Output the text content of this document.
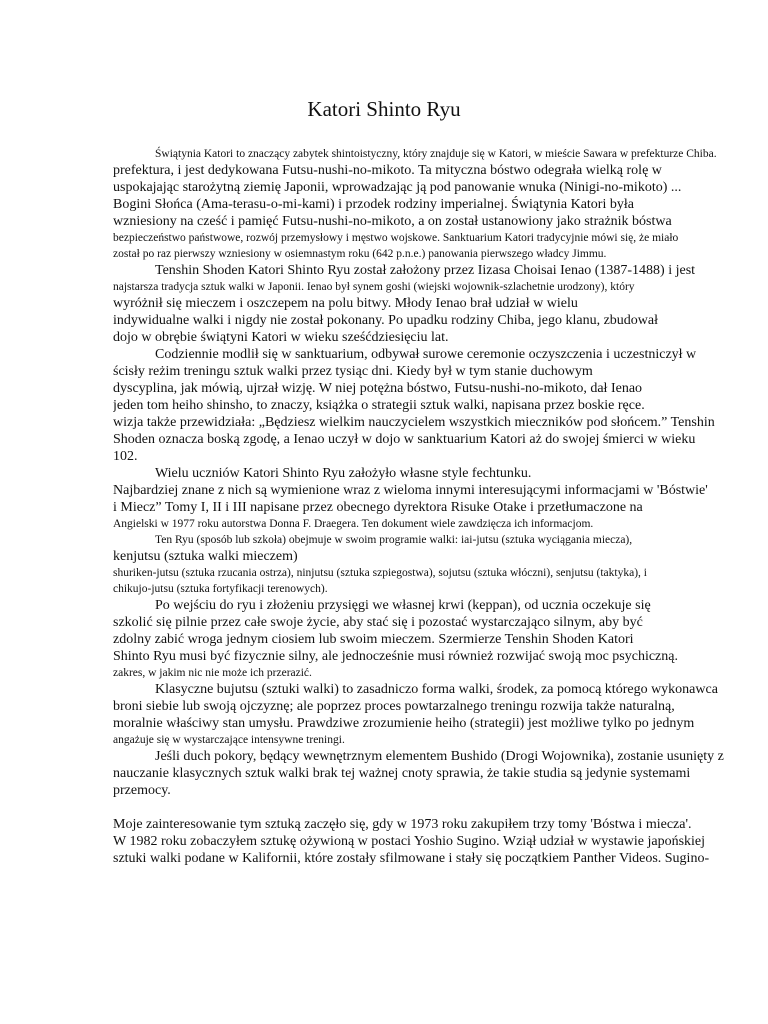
Katori Shinto Ryu
Świątynia Katori to znaczący zabytek shintoistyczny, który znajduje się w Katori, w mieście Sawara w prefekturze Chiba.
prefektura, i jest dedykowana Futsu-nushi-no-mikoto. Ta mityczna bóstwo odegrała wielką rolę w
uspokajając starożytną ziemię Japonii, wprowadzając ją pod panowanie wnuka (Ninigi-no-mikoto) ...
Bogini Słońca (Ama-terasu-o-mi-kami) i przodek rodziny imperialnej. Świątynia Katori była
wzniesiony na cześć i pamięć Futsu-nushi-no-mikoto, a on został ustanowiony jako strażnik bóstwa
bezpieczeństwo państwowe, rozwój przemysłowy i męstwo wojskowe. Sanktuarium Katori tradycyjnie mówi się, że miało
został po raz pierwszy wzniesiony w osiemnastym roku (642 p.n.e.) panowania pierwszego władcy Jimmu.
Tenshin Shoden Katori Shinto Ryu został założony przez Iizasa Choisai Ienao (1387-1488) i jest
najstarsza tradycja sztuk walki w Japonii. Ienao był synem goshi (wiejski wojownik-szlachetnie urodzony), który
wyróżnił się mieczem i oszczepem na polu bitwy. Młody Ienao brał udział w wielu
indywidualne walki i nigdy nie został pokonany. Po upadku rodziny Chiba, jego klanu, zbudował
dojo w obrębie świątyni Katori w wieku sześćdziesięciu lat.
Codziennie modlił się w sanktuarium, odbywał surowe ceremonie oczyszczenia i uczestniczył w
ścisły reżim treningu sztuk walki przez tysiąc dni. Kiedy był w tym stanie duchowym
dyscyplina, jak mówią, ujrzał wizję. W niej potężna bóstwo, Futsu-nushi-no-mikoto, dał Ienao
jeden tom heiho shinsho, to znaczy, książka o strategii sztuk walki, napisana przez boskie ręce.
wizja także przewidziała: „Będziesz wielkim nauczycielem wszystkich mieczników pod słońcem.” Tenshin
Shoden oznacza boską zgodę, a Ienao uczył w dojo w sanktuarium Katori aż do swojej śmierci w wieku
102.
Wielu uczniów Katori Shinto Ryu założyło własne style fechtunku.
Najbardziej znane z nich są wymienione wraz z wieloma innymi interesującymi informacjami w 'Bóstwie'
i Miecz” Tomy I, II i III napisane przez obecnego dyrektora Risuke Otake i przetłumaczone na
Angielski w 1977 roku autorstwa Donna F. Draegera. Ten dokument wiele zawdzięcza ich informacjom.
Ten Ryu (sposób lub szkoła) obejmuje w swoim programie walki: iai-jutsu (sztuka wyciągania miecza),
kenjutsu (sztuka walki mieczem)
shuriken-jutsu (sztuka rzucania ostrza), ninjutsu (sztuka szpiegostwa), sojutsu (sztuka włóczni), senjutsu (taktyka), i
chikujo-jutsu (sztuka fortyfikacji terenowych).
Po wejściu do ryu i złożeniu przysięgi we własnej krwi (keppan), od ucznia oczekuje się
szkolić się pilnie przez całe swoje życie, aby stać się i pozostać wystarczająco silnym, aby być
zdolny zabić wroga jednym ciosiem lub swoim mieczem. Szermierze Tenshin Shoden Katori
Shinto Ryu musi być fizycznie silny, ale jednocześnie musi również rozwijać swoją moc psychiczną.
zakres, w jakim nic nie może ich przerazić.
Klasyczne bujutsu (sztuki walki) to zasadniczo forma walki, środek, za pomocą którego wykonawca
broni siebie lub swoją ojczyznę; ale poprzez proces powtarzalnego treningu rozwija także naturalną,
moralnie właściwy stan umysłu. Prawdziwe zrozumienie heiho (strategii) jest możliwe tylko po jednym
angażuje się w wystarczające intensywne treningi.
Jeśli duch pokory, będący wewnętrznym elementem Bushido (Drogi Wojownika), zostanie usunięty z
nauczanie klasycznych sztuk walki brak tej ważnej cnoty sprawia, że takie studia są jedynie systemami
przemocy.
Moje zainteresowanie tym sztuką zaczęło się, gdy w 1973 roku zakupiłem trzy tomy 'Bóstwa i miecza'.
W 1982 roku zobaczyłem sztukę ożywioną w postaci Yoshio Sugino. Wziął udział w wystawie japońskiej
sztuki walki podane w Kalifornii, które zostały sfilmowane i stały się początkiem Panther Videos. Sugino-
